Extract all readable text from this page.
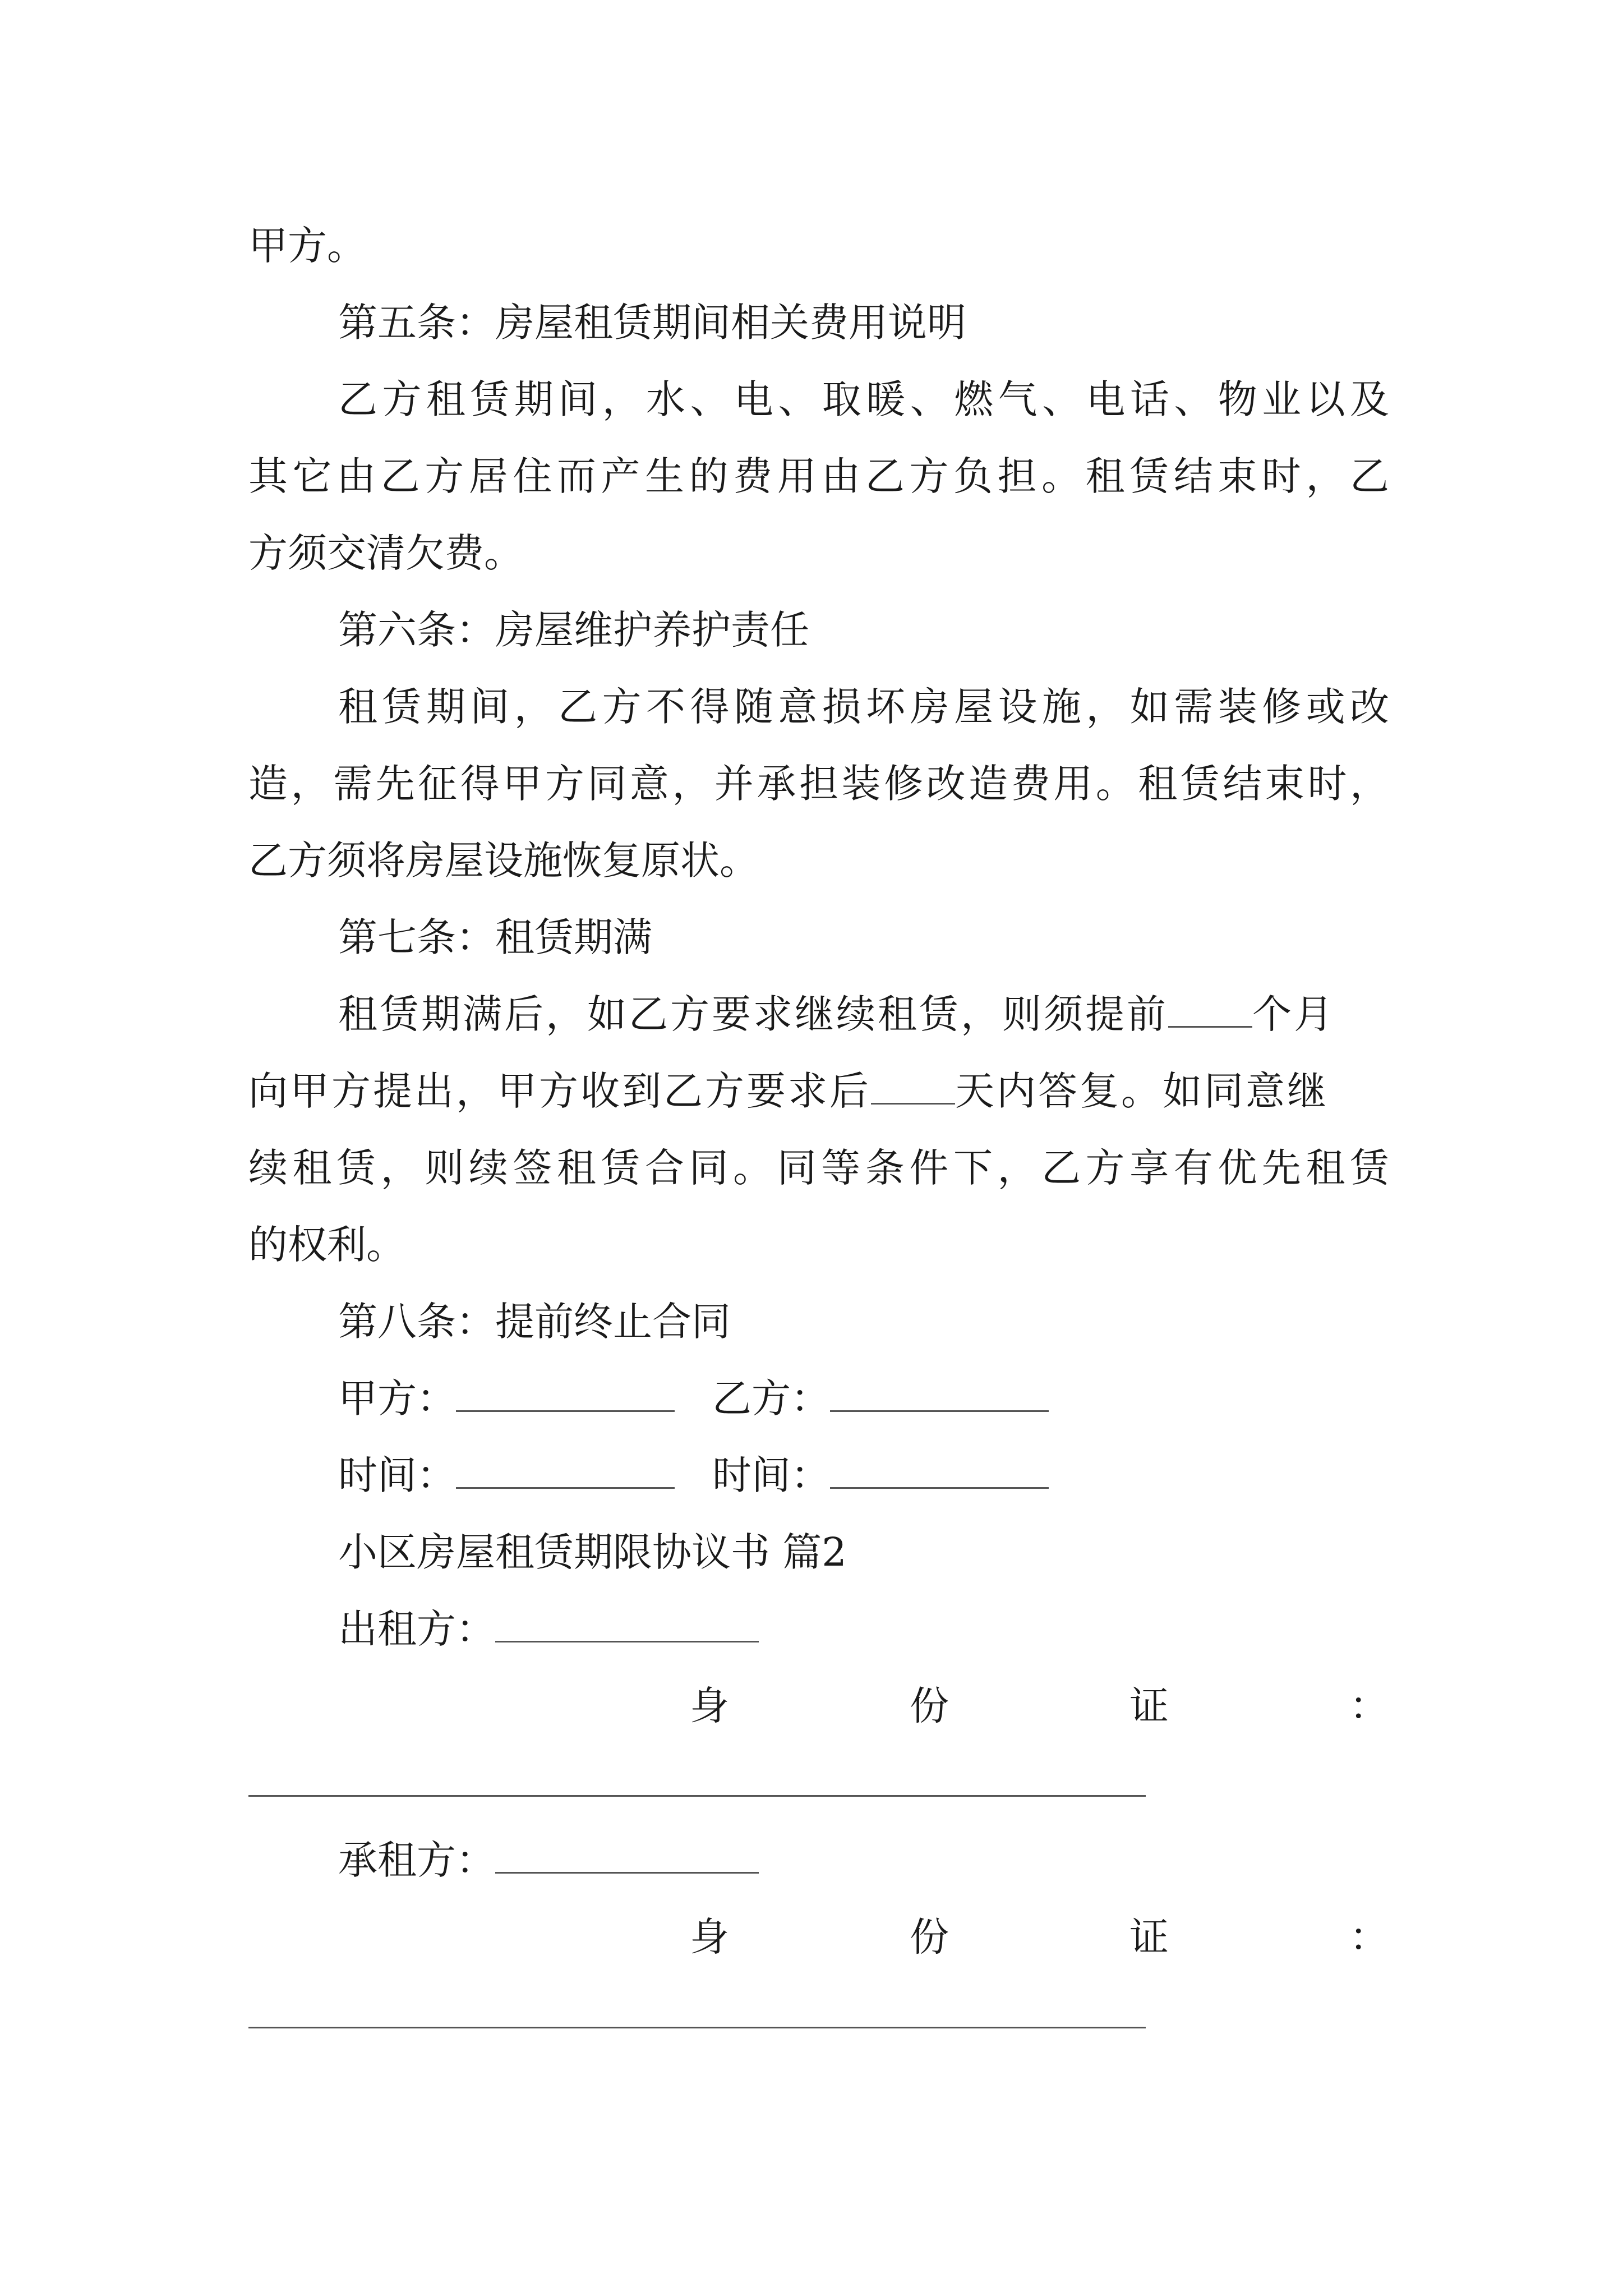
甲方。

第五条：房屋租赁期间相关费用说明

乙方租赁期间，水、电、取暖、燃气、电话、物业以及

其它由乙方居住而产生的费用由乙方负担。租赁结束时，乙

方须交清欠费。

第六条：房屋维护养护责任

租赁期间，乙方不得随意损坏房屋设施，如需装修或改

造，需先征得甲方同意，并承担装修改造费用。租赁结束时，

乙方须将房屋设施恢复原状。

第七条：租赁期满

租赁期满后，如乙方要求继续租赁，则须提前 个月

向甲方提出，甲方收到乙方要求后 天内答复。如同意继

续租赁，则续签租赁合同。同等条件下，乙方享有优先租赁

的权利。

第八条：提前终止合同

甲方：	乙方：
时间：	时间：

小区房屋租赁期限协议书 篇2

出租方：
身	份	证	：
承租方：
身	份	证	：
